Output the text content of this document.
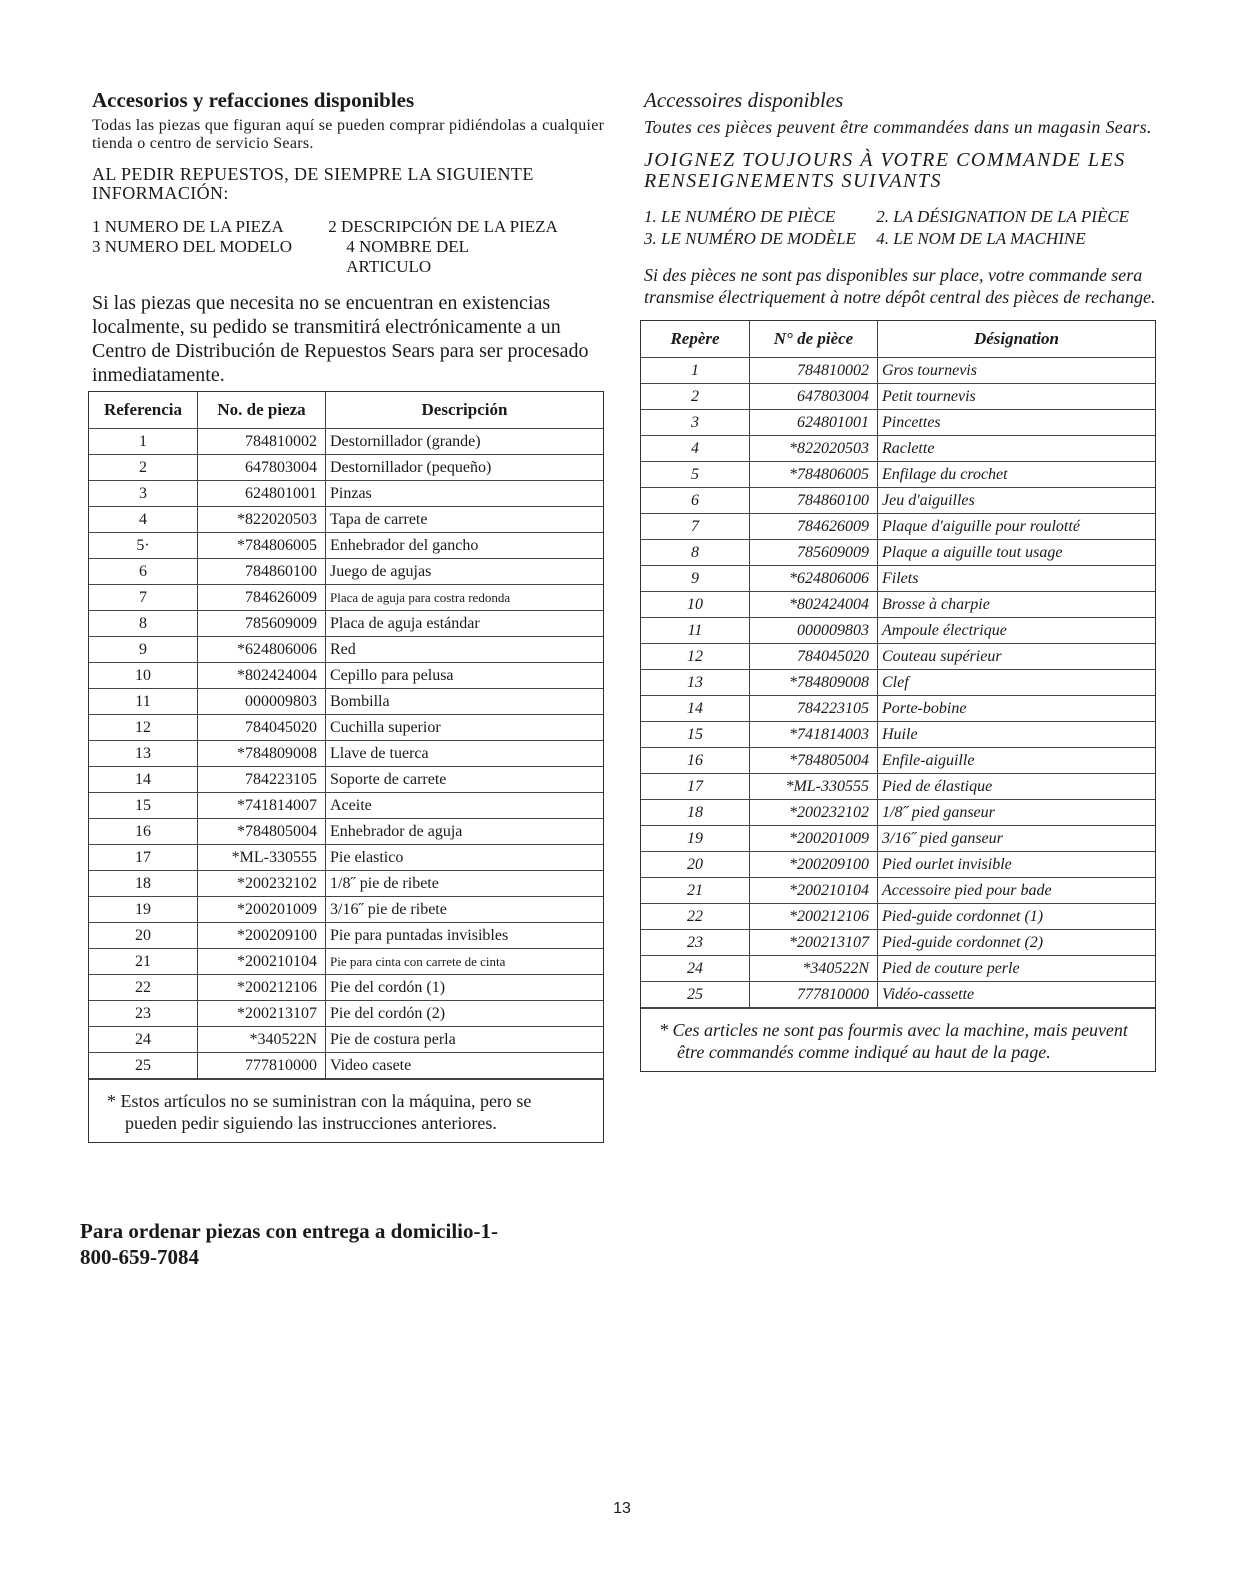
Accesorios y refacciones disponibles
Todas las piezas que figuran aquí se pueden comprar pidiéndolas a cualquier tienda o centro de servicio Sears.
AL PEDIR REPUESTOS, DE SIEMPRE LA SIGUIENTE INFORMACIÓN:
1 NUMERO DE LA PIEZA	2 DESCRIPCIÓN DE LA PIEZA
3 NUMERO DEL MODELO	4 NOMBRE DEL ARTICULO
Si las piezas que necesita no se encuentran en existencias localmente, su pedido se transmitirá electrónicamente a un Centro de Distribución de Repuestos Sears para ser procesado inmediatamente.
Referencia	No. de pieza	Descripción
1	784810002	Destornillador (grande)
2	647803004	Destornillador (pequeño)
3	624801001	Pinzas
4	*822020503	Tapa de carrete
5·	*784806005	Enhebrador del gancho
6	784860100	Juego de agujas
7	784626009	Placa de aguja para costra redonda
8	785609009	Placa de aguja estándar
9	*624806006	Red
10	*802424004	Cepillo para pelusa
11	000009803	Bombilla
12	784045020	Cuchilla superior
13	*784809008	Llave de tuerca
14	784223105	Soporte de carrete
15	*741814007	Aceite
16	*784805004	Enhebrador de aguja
17	*ML-330555	Pie elastico
18	*200232102	1/8˝ pie de ribete
19	*200201009	3/16˝ pie de ribete
20	*200209100	Pie para puntadas invisibles
21	*200210104	Pie para cinta con carrete de cinta
22	*200212106	Pie del cordón (1)
23	*200213107	Pie del cordón (2)
24	*340522N	Pie de costura perla
25	777810000	Video casete
* Estos artículos no se suministran con la máquina, pero se pueden pedir siguiendo las instrucciones anteriores.
Accessoires disponibles
Toutes ces pièces peuvent être commandées dans un magasin Sears.
JOIGNEZ TOUJOURS À VOTRE COMMANDE LES RENSEIGNEMENTS SUIVANTS
1. LE NUMÉRO DE PIÈCE 2. LA DÉSIGNATION DE LA PIÈCE
3. LE NUMÉRO DE MODÈLE 4. LE NOM DE LA MACHINE
Si des pièces ne sont pas disponibles sur place, votre commande sera transmise électriquement à notre dépôt central des pièces de rechange.
Repère	N° de pièce	Désignation
1	784810002	Gros tournevis
2	647803004	Petit tournevis
3	624801001	Pincettes
4	*822020503	Raclette
5	*784806005	Enfilage du crochet
6	784860100	Jeu d'aiguilles
7	784626009	Plaque d'aiguille pour roulotté
8	785609009	Plaque a aiguille tout usage
9	*624806006	Filets
10	*802424004	Brosse à charpie
11	000009803	Ampoule électrique
12	784045020	Couteau supérieur
13	*784809008	Clef
14	784223105	Porte-bobine
15	*741814003	Huile
16	*784805004	Enfile-aiguille
17	*ML-330555	Pied de élastique
18	*200232102	1/8˝ pied ganseur
19	*200201009	3/16˝ pied ganseur
20	*200209100	Pied ourlet invisible
21	*200210104	Accessoire pied pour bade
22	*200212106	Pied-guide cordonnet (1)
23	*200213107	Pied-guide cordonnet (2)
24	*340522N	Pied de couture perle
25	777810000	Vidéo-cassette
* Ces articles ne sont pas fourmis avec la machine, mais peuvent être commandés comme indiqué au haut de la page.
Para ordenar piezas con entrega a domicilio-1-800-659-7084
13
